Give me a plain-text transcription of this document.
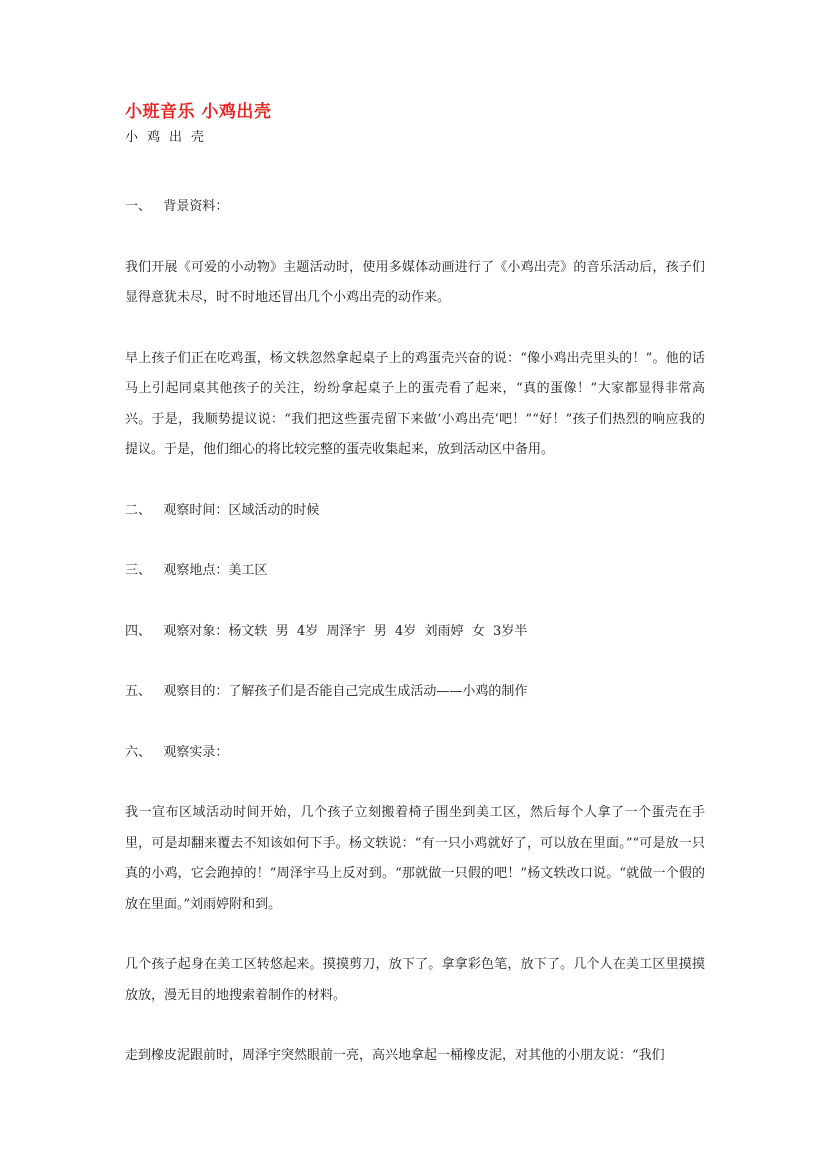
小班音乐 小鸡出壳
小鸡出壳
一、   背景资料：

我们开展《可爱的小动物》主题活动时，使用多媒体动画进行了《小鸡出壳》的音乐活动后，孩子们显得意犹未尽，时不时地还冒出几个小鸡出壳的动作来。

早上孩子们正在吃鸡蛋，杨文轶忽然拿起桌子上的鸡蛋壳兴奋的说：“像小鸡出壳里头的！”。他的话马上引起同桌其他孩子的关注，纷纷拿起桌子上的蛋壳看了起来，“真的蛋像！”大家都显得非常高兴。于是，我顺势提议说：“我们把这些蛋壳留下来做‘小鸡出壳’吧！”“好！”孩子们热烈的响应我的提议。于是，他们细心的将比较完整的蛋壳收集起来，放到活动区中备用。

二、   观察时间：区域活动的时候
三、   观察地点：美工区
四、   观察对象：杨文轶  男  4岁  周泽宇  男  4岁  刘雨婷  女  3岁半
五、   观察目的：了解孩子们是否能自己完成生成活动——小鸡的制作
六、   观察实录：

我一宣布区域活动时间开始，几个孩子立刻搬着椅子围坐到美工区，然后每个人拿了一个蛋壳在手里，可是却翻来覆去不知该如何下手。杨文轶说：“有一只小鸡就好了，可以放在里面。”“可是放一只真的小鸡，它会跑掉的！”周泽宇马上反对到。“那就做一只假的吧！”杨文轶改口说。“就做一个假的放在里面。”刘雨婷附和到。

几个孩子起身在美工区转悠起来。摸摸剪刀，放下了。拿拿彩色笔，放下了。几个人在美工区里摸摸放放，漫无目的地搜索着制作的材料。

走到橡皮泥跟前时，周泽宇突然眼前一亮，高兴地拿起一桶橡皮泥，对其他的小朋友说：“我们
